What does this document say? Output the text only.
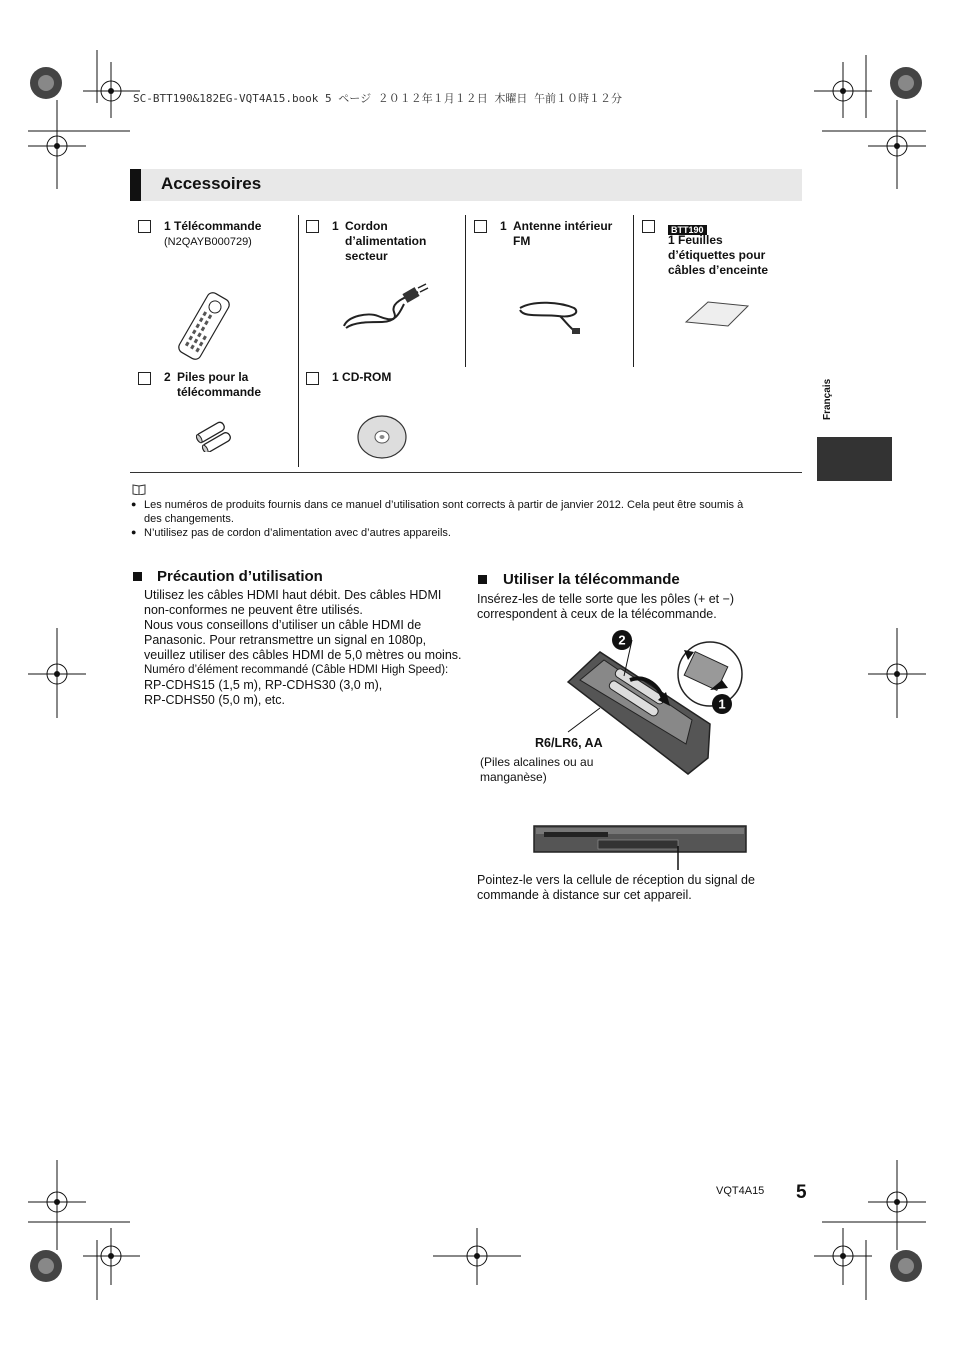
SC-BTT190&182EG-VQT4A15.book 5 ページ ２０１２年１月１２日 木曜日 午前１０時１２分
Accessoires
1 Télécommande
(N2QAYB000729)
1 Cordon
d’alimentation
secteur
1 Antenne intérieur
FM
BTT190
1 Feuilles
d’étiquettes pour
câbles d’enceinte
2 Piles pour la
télécommande
1 CD-ROM
● Les numéros de produits fournis dans ce manuel d’utilisation sont corrects à partir de janvier 2012. Cela peut être soumis à
des changements.
● N’utilisez pas de cordon d’alimentation avec d’autres appareils.
Précaution d’utilisation
Utilisez les câbles HDMI haut débit. Des câbles HDMI
non-conformes ne peuvent être utilisés.
Nous vous conseillons d’utiliser un câble HDMI de
Panasonic. Pour retransmettre un signal en 1080p,
veuillez utiliser des câbles HDMI de 5,0 mètres ou moins.
Numéro d’élément recommandé (Câble HDMI High Speed):
RP-CDHS15 (1,5 m), RP-CDHS30 (3,0 m),
RP-CDHS50 (5,0 m), etc.
Utiliser la télécommande
Insérez-les de telle sorte que les pôles (+ et −)
correspondent à ceux de la télécommande.
2
1
R6/LR6, AA
(Piles alcalines ou au
manganèse)
Pointez-le vers la cellule de réception du signal de
commande à distance sur cet appareil.
Français
VQT4A15 5
